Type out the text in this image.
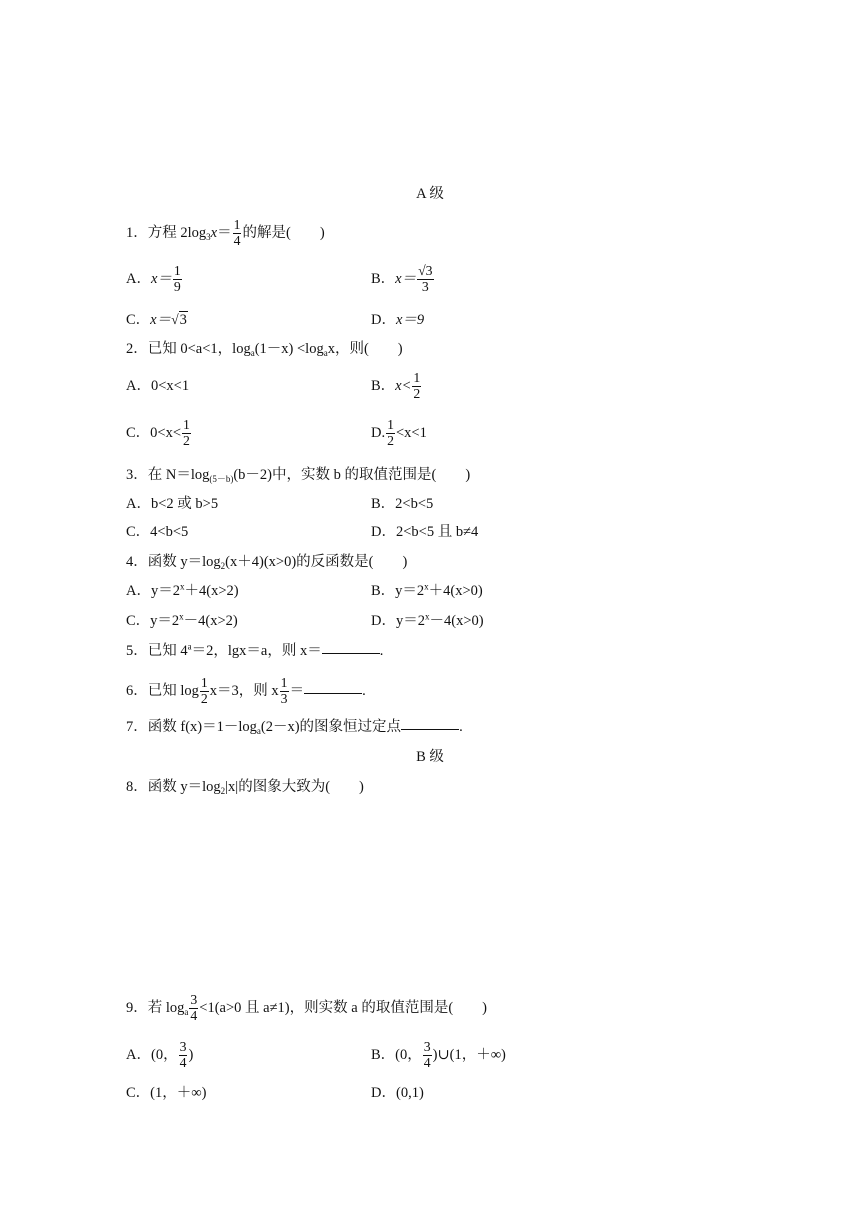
A 级
1．方程 $2\log_3x= \frac{1}{4}$ 的解是(　　)
A．$x= \frac{1}{9}$	B．$x= \frac{√3}{3}$
C．x＝√3	D．x＝9
2．已知 0<a<1，$\log_a(1-x) <\log_ax$，则(　　)
A．0<x<1	B．$x< \frac{1}{2}$
C．$0<x< \frac{1}{2}$	D. $\frac{1}{2} <x<1$
3．在 $N=\log_{(5-b)}(b-2)$中，实数 b 的取值范围是(　　)
A．b<2 或 b>5	B．2<b<5
C．4<b<5	D．2<b<5 且 b≠4
4．函数 $y=\log_2(x+4)(x>0)$的反函数是(　　)
A．$y=2^x+4(x>2)$	B．$y=2^x+4(x>0)$
C．$y=2^x-4(x>2)$	D．$y=2^x-4(x>0)$
5．已知 $4^a=2$，lgx＝a，则 x＝	.
6．已知 $\log \frac{1}{2} x=3$，则 x $\frac{1}{3}$ ＝	.
7．函数 $f(x)=1-\log_a(2-x)$的图象恒过定点	.
B 级
8．函数 $y=\log_2|x|$的图象大致为(　　)
9．若 $\log_a \frac{3}{4} <1(a>0$ 且 a≠1)，则实数 a 的取值范围是(　　)
A．(0， $\frac{3}{4}$ )	B．(0， $\frac{3}{4}$ )∪(1，＋∞)
C．(1，＋∞)	D．(0,1)
